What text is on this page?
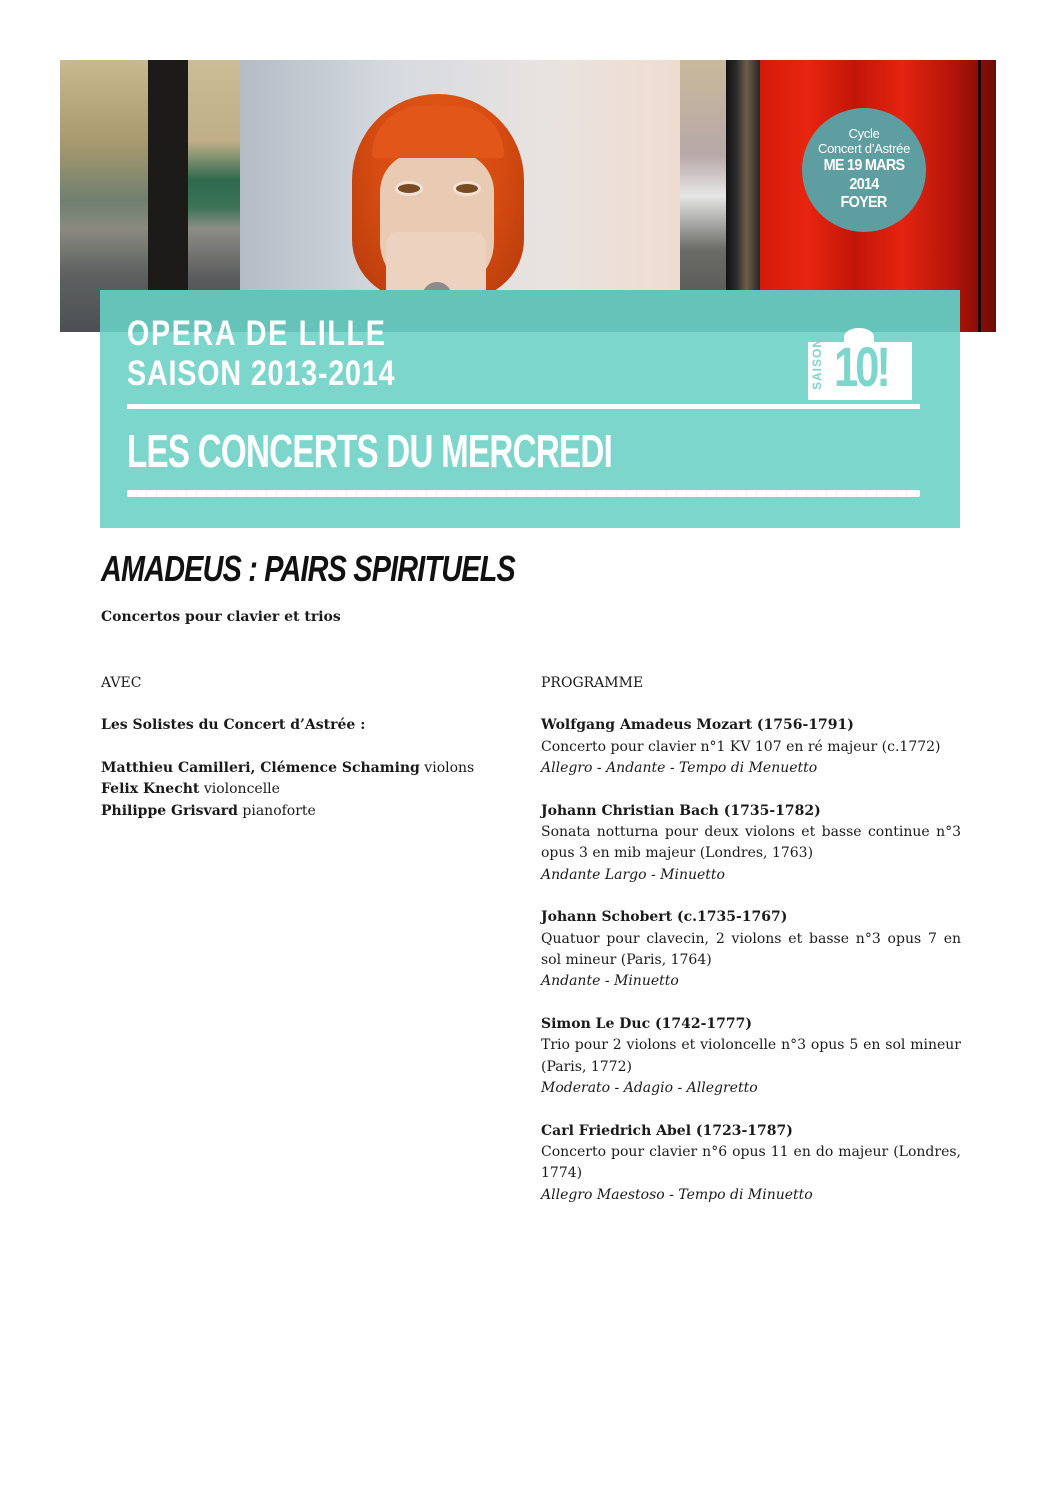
Cycle
Concert d’Astrée
ME 19 MARS 2014
FOYER
OPERA DE LILLE
SAISON 2013-2014	SAISON 10!
LES CONCERTS DU MERCREDI
AMADEUS : PAIRS SPIRITUELS
Concertos pour clavier et trios

AVEC

Les Solistes du Concert d’Astrée :

Matthieu Camilleri, Clémence Schaming violons

Felix Knecht violoncelle

Philippe Grisvard pianoforte

PROGRAMME

Wolfgang Amadeus Mozart (1756-1791)

Concerto pour clavier n°1 KV 107 en ré majeur (c.1772)

Allegro - Andante - Tempo di Menuetto

Johann Christian Bach (1735-1782)

Sonata notturna pour deux violons et basse continue n°3 opus 3 en mib majeur (Londres, 1763)

Andante Largo - Minuetto

Johann Schobert (c.1735-1767)

Quatuor pour clavecin, 2 violons et basse n°3 opus 7 en sol mineur (Paris, 1764)

Andante - Minuetto

Simon Le Duc (1742-1777)

Trio pour 2 violons et violoncelle n°3 opus 5 en sol mineur (Paris, 1772)

Moderato - Adagio - Allegretto

Carl Friedrich Abel (1723-1787)

Concerto pour clavier n°6 opus 11 en do majeur (Londres, 1774)

Allegro Maestoso - Tempo di Minuetto
